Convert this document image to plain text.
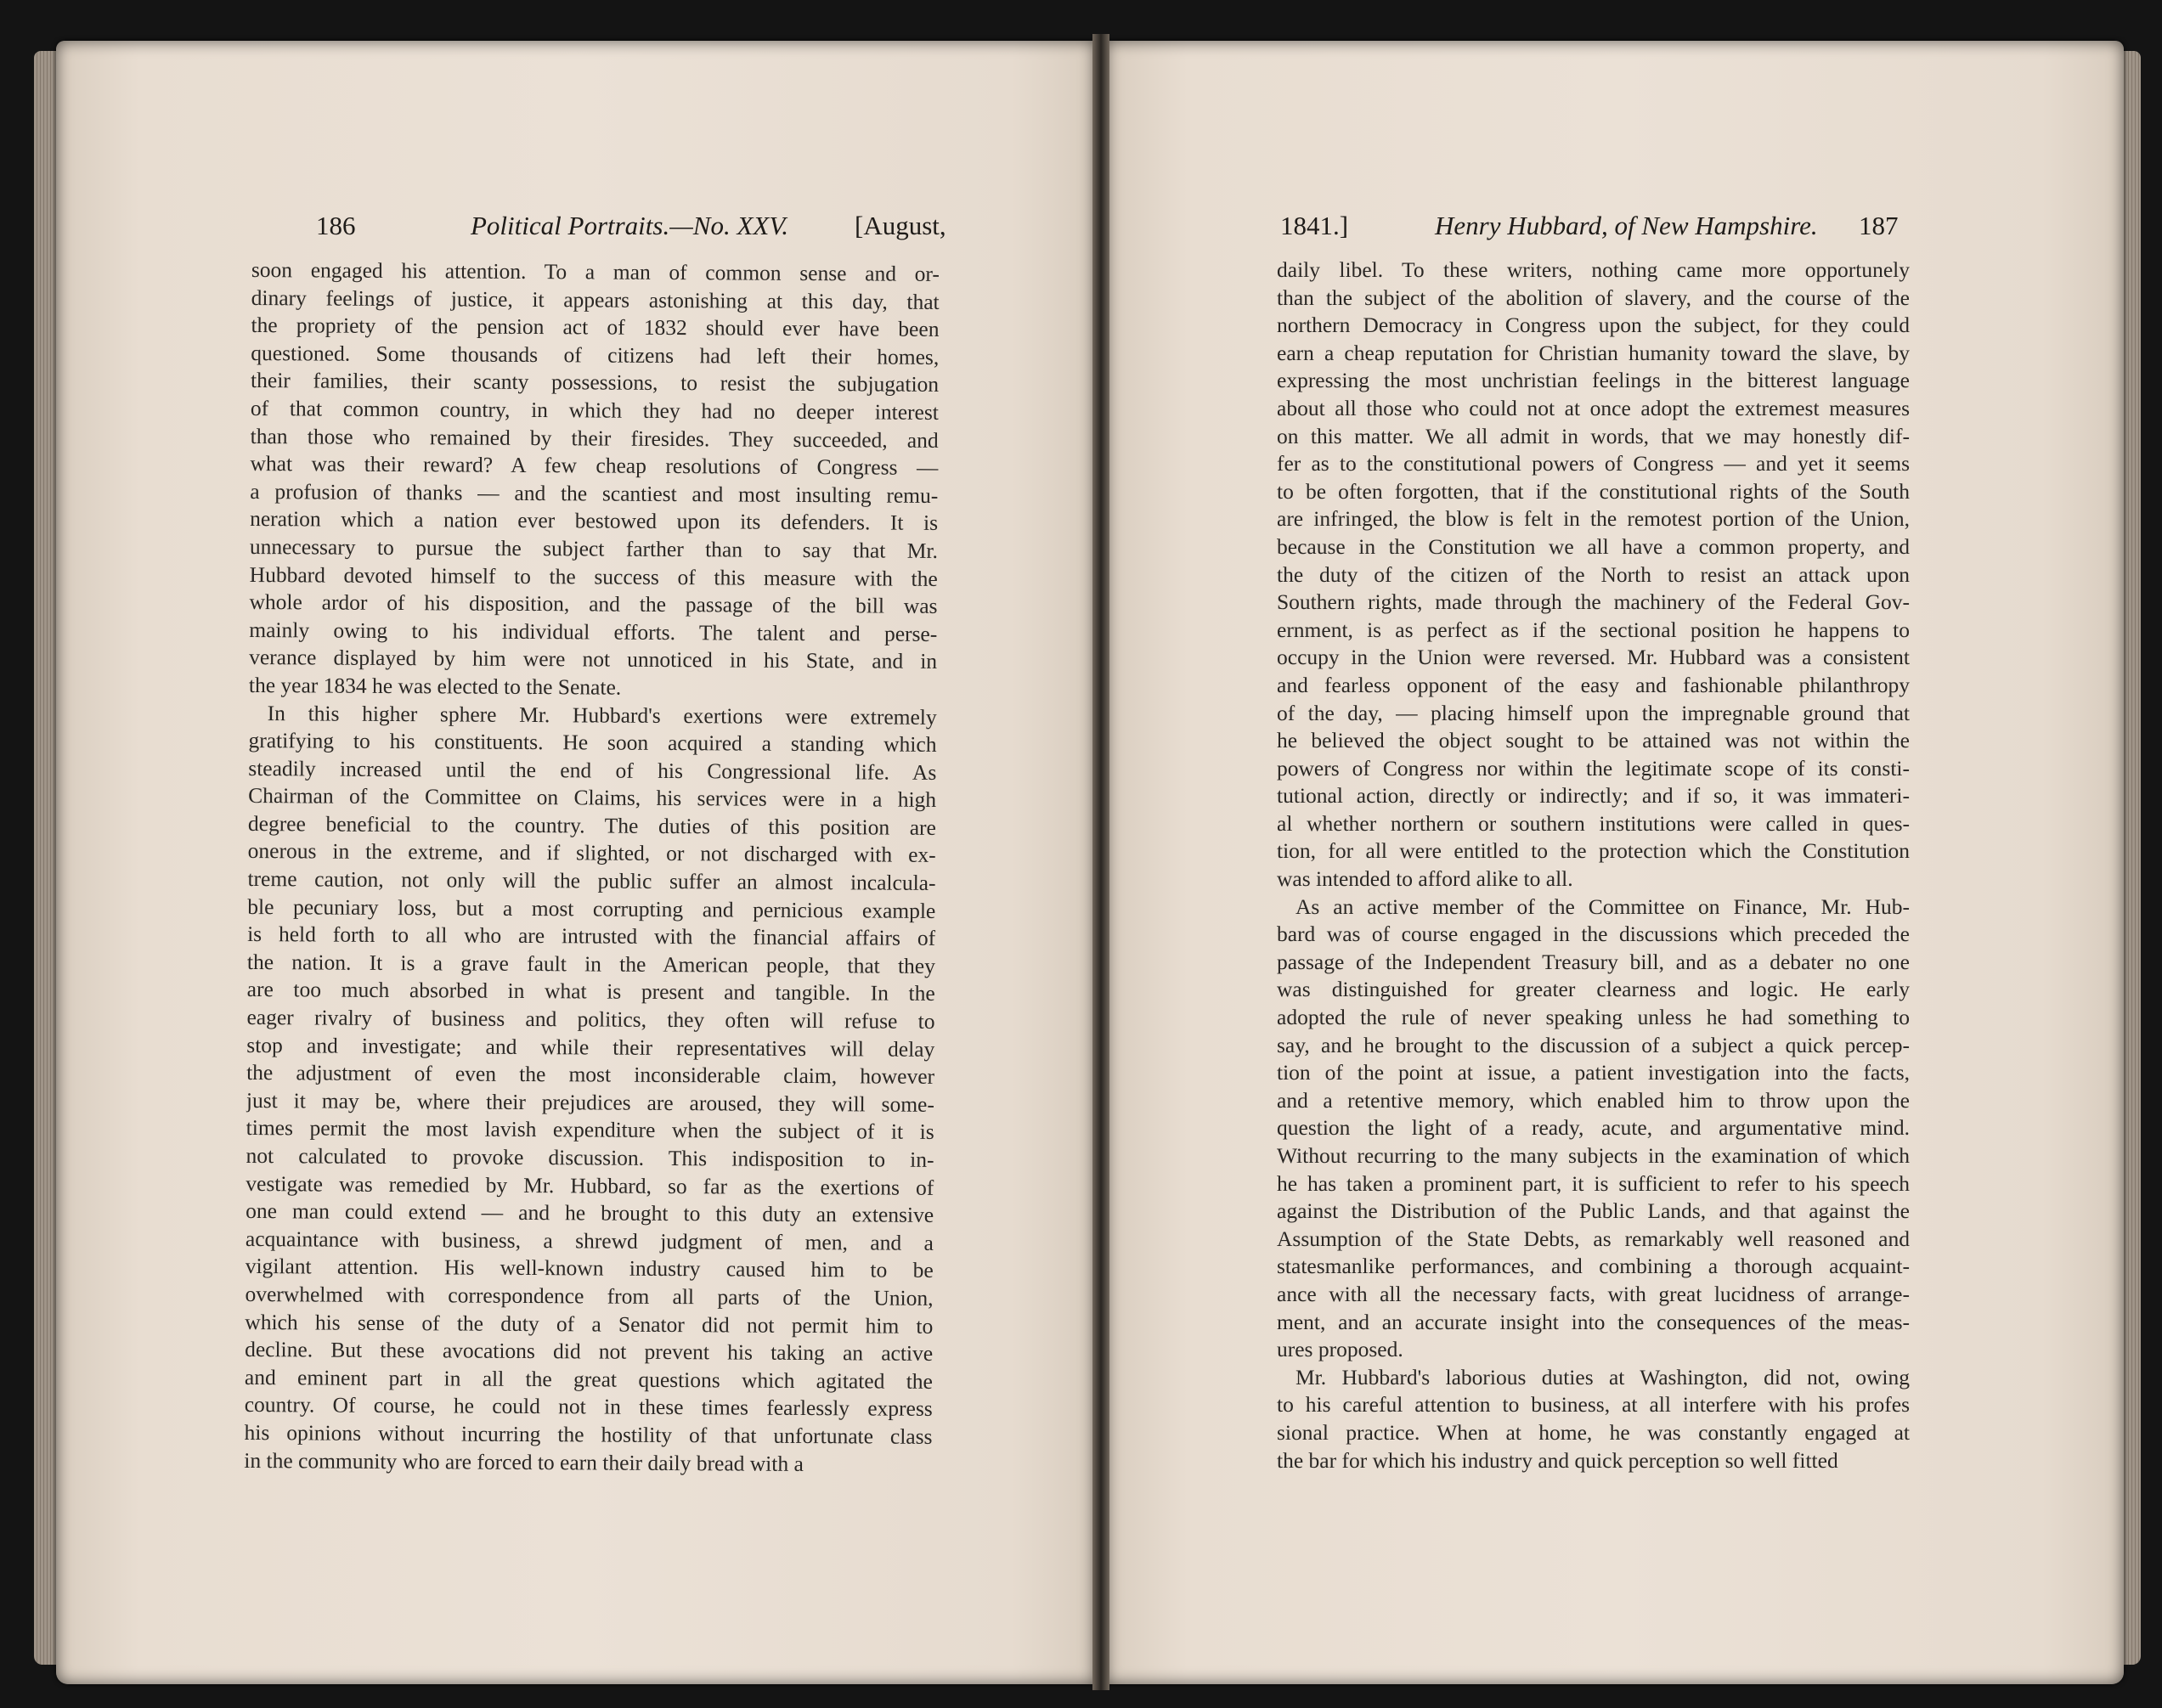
186	Political Portraits.—No. XXV.	[August,	1841.]	Henry Hubbard, of New Hampshire. 187
soon engaged his attention. To a man of common sense and or-
dinary feelings of justice, it appears astonishing at this day, that
the propriety of the pension act of 1832 should ever have been
questioned. Some thousands of citizens had left their homes,
their families, their scanty possessions, to resist the subjugation
of that common country, in which they had no deeper interest
than those who remained by their firesides. They succeeded, and
what was their reward? A few cheap resolutions of Congress —
a profusion of thanks — and the scantiest and most insulting remu-
neration which a nation ever bestowed upon its defenders. It is
unnecessary to pursue the subject farther than to say that Mr.
Hubbard devoted himself to the success of this measure with the
whole ardor of his disposition, and the passage of the bill was
mainly owing to his individual efforts. The talent and perse-
verance displayed by him were not unnoticed in his State, and in
the year 1834 he was elected to the Senate.
In this higher sphere Mr. Hubbard's exertions were extremely
gratifying to his constituents. He soon acquired a standing which
steadily increased until the end of his Congressional life. As
Chairman of the Committee on Claims, his services were in a high
degree beneficial to the country. The duties of this position are
onerous in the extreme, and if slighted, or not discharged with ex-
treme caution, not only will the public suffer an almost incalcula-
ble pecuniary loss, but a most corrupting and pernicious example
is held forth to all who are intrusted with the financial affairs of
the nation. It is a grave fault in the American people, that they
are too much absorbed in what is present and tangible. In the
eager rivalry of business and politics, they often will refuse to
stop and investigate; and while their representatives will delay
the adjustment of even the most inconsiderable claim, however
just it may be, where their prejudices are aroused, they will some-
times permit the most lavish expenditure when the subject of it is
not calculated to provoke discussion. This indisposition to in-
vestigate was remedied by Mr. Hubbard, so far as the exertions of
one man could extend — and he brought to this duty an extensive
acquaintance with business, a shrewd judgment of men, and a
vigilant attention. His well-known industry caused him to be
overwhelmed with correspondence from all parts of the Union,
which his sense of the duty of a Senator did not permit him to
decline. But these avocations did not prevent his taking an active
and eminent part in all the great questions which agitated the
country. Of course, he could not in these times fearlessly express
his opinions without incurring the hostility of that unfortunate class
in the community who are forced to earn their daily bread with a
daily libel. To these writers, nothing came more opportunely
than the subject of the abolition of slavery, and the course of the
northern Democracy in Congress upon the subject, for they could
earn a cheap reputation for Christian humanity toward the slave, by
expressing the most unchristian feelings in the bitterest language
about all those who could not at once adopt the extremest measures
on this matter. We all admit in words, that we may honestly dif-
fer as to the constitutional powers of Congress — and yet it seems
to be often forgotten, that if the constitutional rights of the South
are infringed, the blow is felt in the remotest portion of the Union,
because in the Constitution we all have a common property, and
the duty of the citizen of the North to resist an attack upon
Southern rights, made through the machinery of the Federal Gov-
ernment, is as perfect as if the sectional position he happens to
occupy in the Union were reversed. Mr. Hubbard was a consistent
and fearless opponent of the easy and fashionable philanthropy
of the day, — placing himself upon the impregnable ground that
he believed the object sought to be attained was not within the
powers of Congress nor within the legitimate scope of its consti-
tutional action, directly or indirectly; and if so, it was immateri-
al whether northern or southern institutions were called in ques-
tion, for all were entitled to the protection which the Constitution
was intended to afford alike to all.
As an active member of the Committee on Finance, Mr. Hub-
bard was of course engaged in the discussions which preceded the
passage of the Independent Treasury bill, and as a debater no one
was distinguished for greater clearness and logic. He early
adopted the rule of never speaking unless he had something to
say, and he brought to the discussion of a subject a quick percep-
tion of the point at issue, a patient investigation into the facts,
and a retentive memory, which enabled him to throw upon the
question the light of a ready, acute, and argumentative mind.
Without recurring to the many subjects in the examination of which
he has taken a prominent part, it is sufficient to refer to his speech
against the Distribution of the Public Lands, and that against the
Assumption of the State Debts, as remarkably well reasoned and
statesmanlike performances, and combining a thorough acquaint-
ance with all the necessary facts, with great lucidness of arrange-
ment, and an accurate insight into the consequences of the meas-
ures proposed.
Mr. Hubbard's laborious duties at Washington, did not, owing
to his careful attention to business, at all interfere with his profes
sional practice. When at home, he was constantly engaged at
the bar for which his industry and quick perception so well fitted
